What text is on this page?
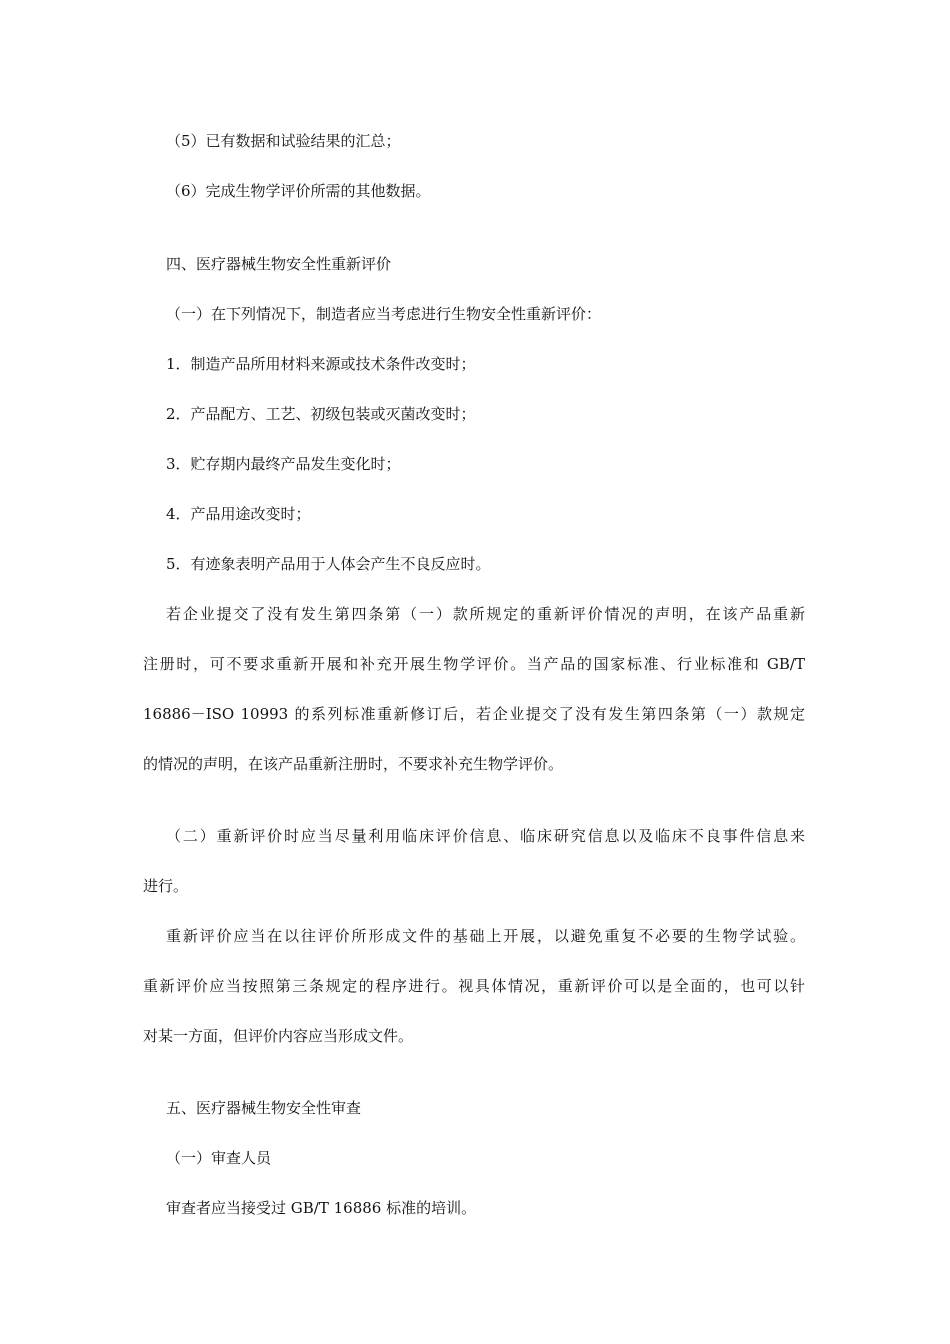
（5）已有数据和试验结果的汇总；
（6）完成生物学评价所需的其他数据。
四、医疗器械生物安全性重新评价
（一）在下列情况下，制造者应当考虑进行生物安全性重新评价：
1．制造产品所用材料来源或技术条件改变时；
2．产品配方、工艺、初级包装或灭菌改变时；
3．贮存期内最终产品发生变化时；
4．产品用途改变时；
5．有迹象表明产品用于人体会产生不良反应时。
若企业提交了没有发生第四条第（一）款所规定的重新评价情况的声明，在该产品重新
注册时，可不要求重新开展和补充开展生物学评价。当产品的国家标准、行业标准和 GB/T
16886－ISO 10993 的系列标准重新修订后，若企业提交了没有发生第四条第（一）款规定
的情况的声明，在该产品重新注册时，不要求补充生物学评价。
（二）重新评价时应当尽量利用临床评价信息、临床研究信息以及临床不良事件信息来
进行。
重新评价应当在以往评价所形成文件的基础上开展，以避免重复不必要的生物学试验。
重新评价应当按照第三条规定的程序进行。视具体情况，重新评价可以是全面的，也可以针
对某一方面，但评价内容应当形成文件。
五、医疗器械生物安全性审查
（一）审查人员
审查者应当接受过 GB/T 16886 标准的培训。
